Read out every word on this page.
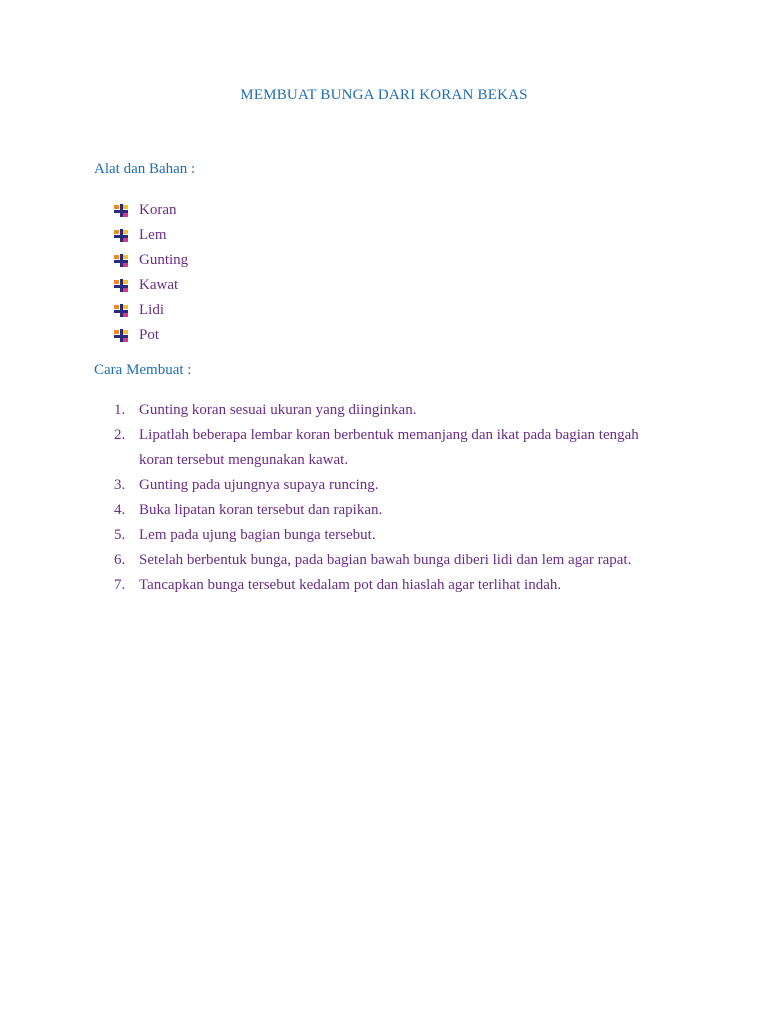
MEMBUAT BUNGA DARI KORAN BEKAS
Alat dan Bahan :
Koran
Lem
Gunting
Kawat
Lidi
Pot
Cara Membuat :
1. Gunting koran sesuai ukuran yang diinginkan.
2. Lipatlah beberapa lembar koran berbentuk memanjang dan ikat pada bagian tengah koran tersebut mengunakan kawat.
3. Gunting pada ujungnya supaya runcing.
4. Buka lipatan koran tersebut dan rapikan.
5. Lem pada ujung bagian bunga tersebut.
6. Setelah berbentuk bunga, pada bagian bawah bunga diberi lidi dan lem agar rapat.
7. Tancapkan bunga tersebut kedalam pot dan hiaslah agar terlihat indah.
